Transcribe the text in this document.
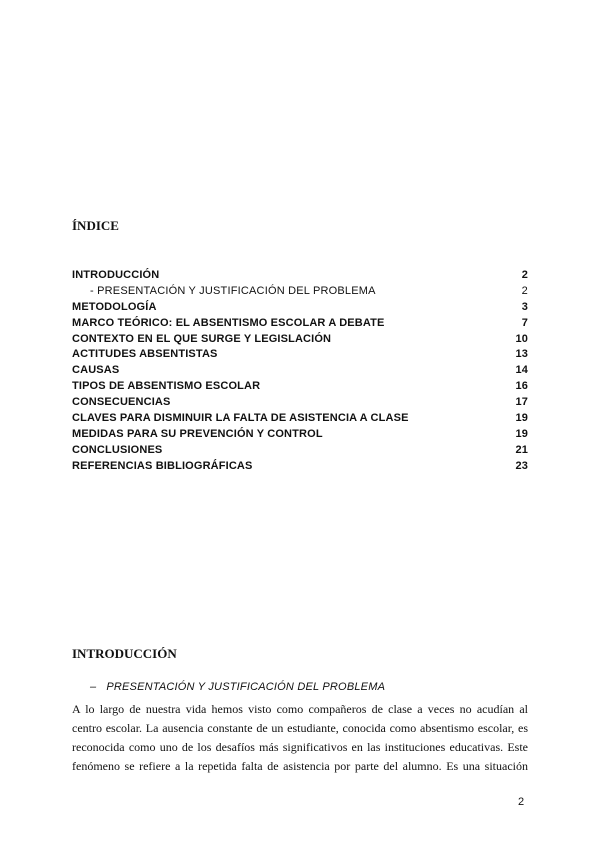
ÍNDICE
INTRODUCCIÓN	2
- PRESENTACIÓN Y JUSTIFICACIÓN DEL PROBLEMA	2
METODOLOGÍA	3
MARCO TEÓRICO: EL ABSENTISMO ESCOLAR A DEBATE	7
CONTEXTO EN EL QUE SURGE Y LEGISLACIÓN	10
ACTITUDES ABSENTISTAS	13
CAUSAS	14
TIPOS DE ABSENTISMO ESCOLAR	16
CONSECUENCIAS	17
CLAVES PARA DISMINUIR LA FALTA DE ASISTENCIA A CLASE	19
MEDIDAS PARA SU PREVENCIÓN Y CONTROL	19
CONCLUSIONES	21
REFERENCIAS BIBLIOGRÁFICAS	23
INTRODUCCIÓN
– PRESENTACIÓN Y JUSTIFICACIÓN DEL PROBLEMA
A lo largo de nuestra vida hemos visto como compañeros de clase a veces no acudían al
centro escolar. La ausencia constante de un estudiante, conocida como absentismo escolar, es
reconocida como uno de los desafíos más significativos en las instituciones educativas. Este
fenómeno se refiere a la repetida falta de asistencia por parte del alumno. Es una situación
2
